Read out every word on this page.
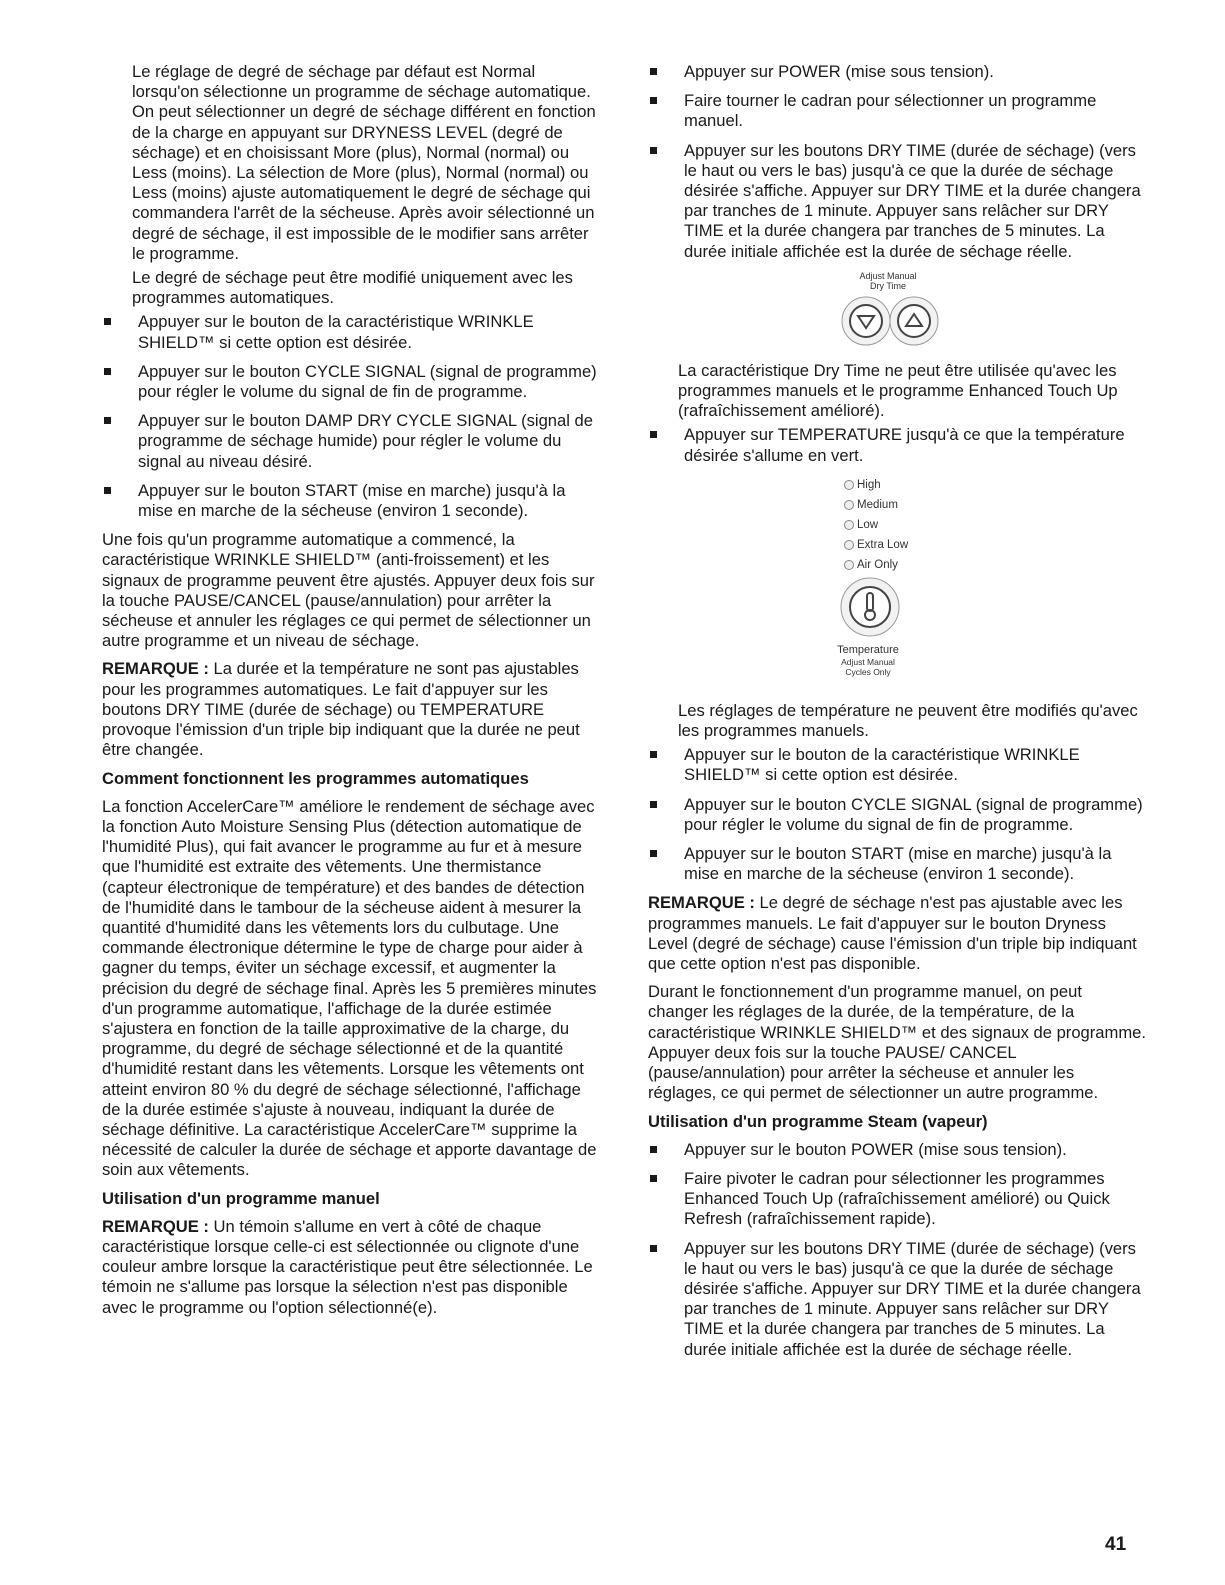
Le réglage de degré de séchage par défaut est Normal lorsqu'on sélectionne un programme de séchage automatique. On peut sélectionner un degré de séchage différent en fonction de la charge en appuyant sur DRYNESS LEVEL (degré de séchage) et en choisissant More (plus), Normal (normal) ou Less (moins). La sélection de More (plus), Normal (normal) ou Less (moins) ajuste automatiquement le degré de séchage qui commandera l'arrêt de la sécheuse. Après avoir sélectionné un degré de séchage, il est impossible de le modifier sans arrêter le programme.

Le degré de séchage peut être modifié uniquement avec les programmes automatiques.

Appuyer sur le bouton de la caractéristique WRINKLE SHIELD™ si cette option est désirée.
Appuyer sur le bouton CYCLE SIGNAL (signal de programme) pour régler le volume du signal de fin de programme.
Appuyer sur le bouton DAMP DRY CYCLE SIGNAL (signal de programme de séchage humide) pour régler le volume du signal au niveau désiré.
Appuyer sur le bouton START (mise en marche) jusqu'à la mise en marche de la sécheuse (environ 1 seconde).

Une fois qu'un programme automatique a commencé, la caractéristique WRINKLE SHIELD™ (anti-froissement) et les signaux de programme peuvent être ajustés. Appuyer deux fois sur la touche PAUSE/CANCEL (pause/annulation) pour arrêter la sécheuse et annuler les réglages ce qui permet de sélectionner un autre programme et un niveau de séchage.

REMARQUE : La durée et la température ne sont pas ajustables pour les programmes automatiques. Le fait d'appuyer sur les boutons DRY TIME (durée de séchage) ou TEMPERATURE provoque l'émission d'un triple bip indiquant que la durée ne peut être changée.

Comment fonctionnent les programmes automatiques

La fonction AccelerCare™ améliore le rendement de séchage avec la fonction Auto Moisture Sensing Plus (détection automatique de l'humidité Plus), qui fait avancer le programme au fur et à mesure que l'humidité est extraite des vêtements. Une thermistance (capteur électronique de température) et des bandes de détection de l'humidité dans le tambour de la sécheuse aident à mesurer la quantité d'humidité dans les vêtements lors du culbutage. Une commande électronique détermine le type de charge pour aider à gagner du temps, éviter un séchage excessif, et augmenter la précision du degré de séchage final. Après les 5 premières minutes d'un programme automatique, l'affichage de la durée estimée s'ajustera en fonction de la taille approximative de la charge, du programme, du degré de séchage sélectionné et de la quantité d'humidité restant dans les vêtements. Lorsque les vêtements ont atteint environ 80 % du degré de séchage sélectionné, l'affichage de la durée estimée s'ajuste à nouveau, indiquant la durée de séchage définitive. La caractéristique AccelerCare™ supprime la nécessité de calculer la durée de séchage et apporte davantage de soin aux vêtements.

Utilisation d'un programme manuel

REMARQUE : Un témoin s'allume en vert à côté de chaque caractéristique lorsque celle-ci est sélectionnée ou clignote d'une couleur ambre lorsque la caractéristique peut être sélectionnée. Le témoin ne s'allume pas lorsque la sélection n'est pas disponible avec le programme ou l'option sélectionné(e).

Appuyer sur POWER (mise sous tension).
Faire tourner le cadran pour sélectionner un programme manuel.
Appuyer sur les boutons DRY TIME (durée de séchage) (vers le haut ou vers le bas) jusqu'à ce que la durée de séchage désirée s'affiche. Appuyer sur DRY TIME et la durée changera par tranches de 1 minute. Appuyer sans relâcher sur DRY TIME et la durée changera par tranches de 5 minutes. La durée initiale affichée est la durée de séchage réelle.
Adjust Manual
Dry Time

La caractéristique Dry Time ne peut être utilisée qu'avec les programmes manuels et le programme Enhanced Touch Up (rafraîchissement amélioré).

Appuyer sur TEMPERATURE jusqu'à ce que la température désirée s'allume en vert.
High
Medium
Low
Extra Low
Air Only
Temperature
Adjust Manual
Cycles Only

Les réglages de température ne peuvent être modifiés qu'avec les programmes manuels.

Appuyer sur le bouton de la caractéristique WRINKLE SHIELD™ si cette option est désirée.
Appuyer sur le bouton CYCLE SIGNAL (signal de programme) pour régler le volume du signal de fin de programme.
Appuyer sur le bouton START (mise en marche) jusqu'à la mise en marche de la sécheuse (environ 1 seconde).

REMARQUE : Le degré de séchage n'est pas ajustable avec les programmes manuels. Le fait d'appuyer sur le bouton Dryness Level (degré de séchage) cause l'émission d'un triple bip indiquant que cette option n'est pas disponible.

Durant le fonctionnement d'un programme manuel, on peut changer les réglages de la durée, de la température, de la caractéristique WRINKLE SHIELD™ et des signaux de programme. Appuyer deux fois sur la touche PAUSE/ CANCEL (pause/annulation) pour arrêter la sécheuse et annuler les réglages, ce qui permet de sélectionner un autre programme.

Utilisation d'un programme Steam (vapeur)
Appuyer sur le bouton POWER (mise sous tension).
Faire pivoter le cadran pour sélectionner les programmes Enhanced Touch Up (rafraîchissement amélioré) ou Quick Refresh (rafraîchissement rapide).
Appuyer sur les boutons DRY TIME (durée de séchage) (vers le haut ou vers le bas) jusqu'à ce que la durée de séchage désirée s'affiche. Appuyer sur DRY TIME et la durée changera par tranches de 1 minute. Appuyer sans relâcher sur DRY TIME et la durée changera par tranches de 5 minutes. La durée initiale affichée est la durée de séchage réelle.
41
